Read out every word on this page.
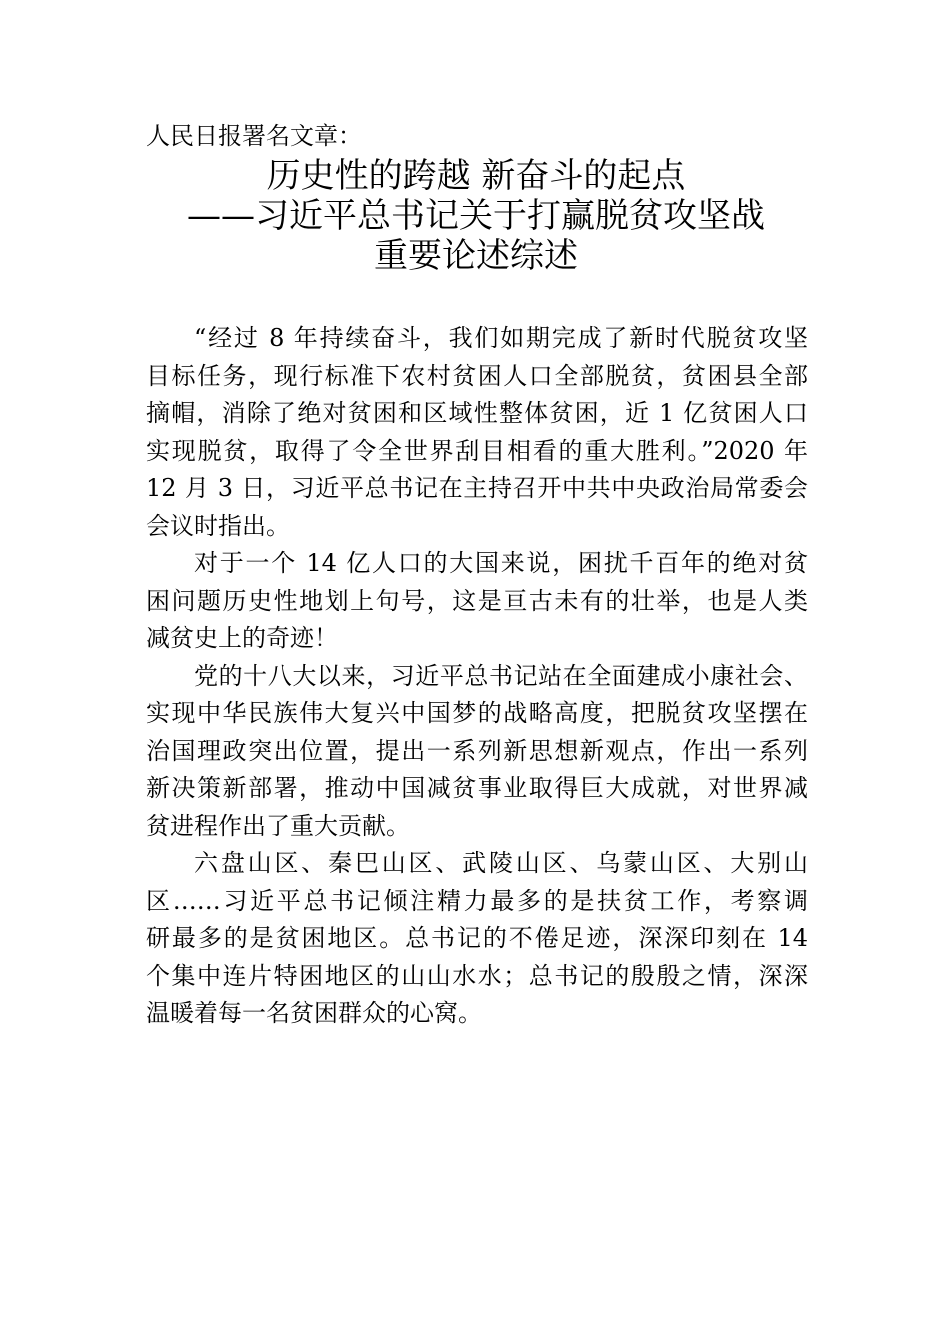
人民日报署名文章：

历史性的跨越 新奋斗的起点

——习近平总书记关于打赢脱贫攻坚战

重要论述综述

“经过 8 年持续奋斗，我们如期完成了新时代脱贫攻坚
目标任务，现行标准下农村贫困人口全部脱贫，贫困县全部
摘帽，消除了绝对贫困和区域性整体贫困，近 1 亿贫困人口
实现脱贫，取得了令全世界刮目相看的重大胜利。”2020 年
12 月 3 日，习近平总书记在主持召开中共中央政治局常委会
会议时指出。
对于一个 14 亿人口的大国来说，困扰千百年的绝对贫
困问题历史性地划上句号，这是亘古未有的壮举，也是人类
减贫史上的奇迹！
党的十八大以来，习近平总书记站在全面建成小康社会、
实现中华民族伟大复兴中国梦的战略高度，把脱贫攻坚摆在
治国理政突出位置，提出一系列新思想新观点，作出一系列
新决策新部署，推动中国减贫事业取得巨大成就，对世界减
贫进程作出了重大贡献。
六盘山区、秦巴山区、武陵山区、乌蒙山区、大别山
区……习近平总书记倾注精力最多的是扶贫工作，考察调
研最多的是贫困地区。总书记的不倦足迹，深深印刻在 14
个集中连片特困地区的山山水水；总书记的殷殷之情，深深
温暖着每一名贫困群众的心窝。
